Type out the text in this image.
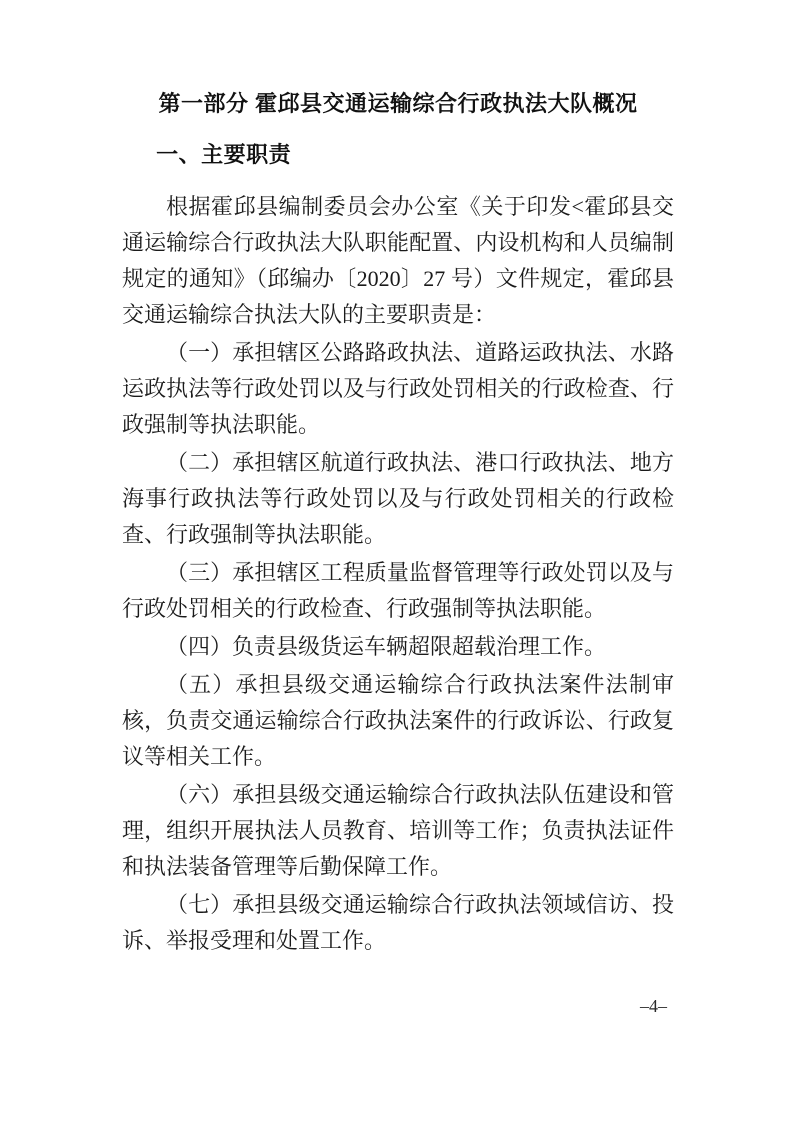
第一部分 霍邱县交通运输综合行政执法大队概况
一、主要职责

根据霍邱县编制委员会办公室《关于印发<霍邱县交通运输综合行政执法大队职能配置、内设机构和人员编制规定的通知》（邱编办〔2020〕27 号）文件规定，霍邱县交通运输综合执法大队的主要职责是：

（一）承担辖区公路路政执法、道路运政执法、水路运政执法等行政处罚以及与行政处罚相关的行政检查、行政强制等执法职能。

（二）承担辖区航道行政执法、港口行政执法、地方海事行政执法等行政处罚以及与行政处罚相关的行政检查、行政强制等执法职能。

（三）承担辖区工程质量监督管理等行政处罚以及与行政处罚相关的行政检查、行政强制等执法职能。

（四）负责县级货运车辆超限超载治理工作。

（五）承担县级交通运输综合行政执法案件法制审核，负责交通运输综合行政执法案件的行政诉讼、行政复议等相关工作。

（六）承担县级交通运输综合行政执法队伍建设和管理，组织开展执法人员教育、培训等工作；负责执法证件和执法装备管理等后勤保障工作。

（七）承担县级交通运输综合行政执法领域信访、投诉、举报受理和处置工作。

–4–
